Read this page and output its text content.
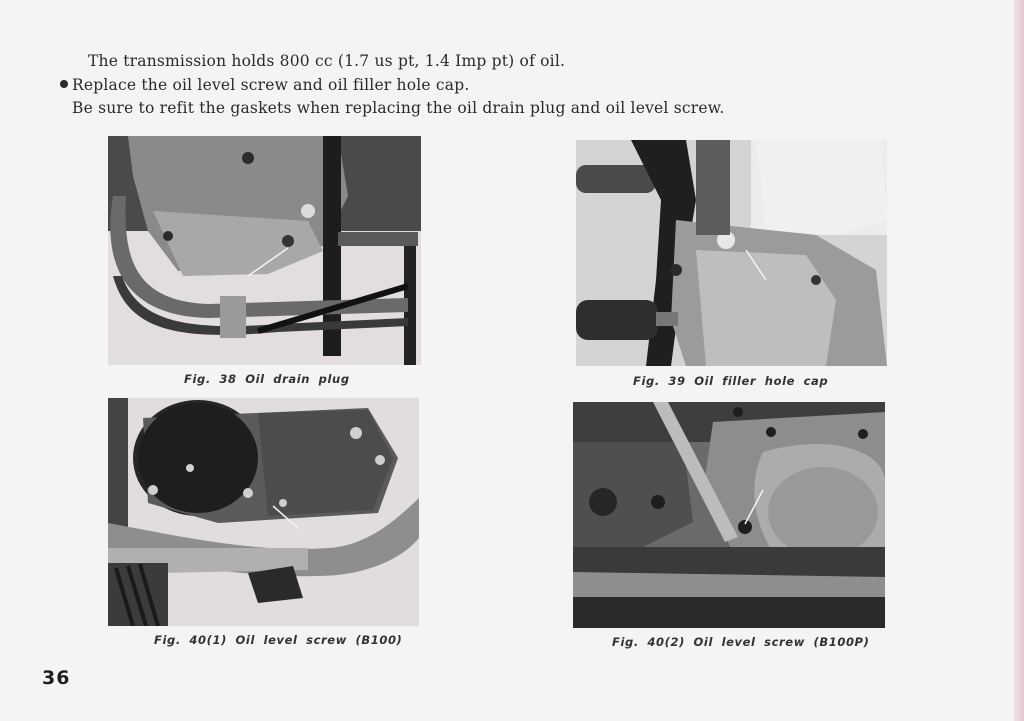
The transmission holds 800 cc (1.7 us pt, 1.4 Imp pt) of oil.
Replace the oil level screw and oil filler hole cap.
Be sure to refit the gaskets when replacing the oil drain plug and oil level screw.
Fig. 38 Oil drain plug	Fig. 39 Oil filler hole cap
Fig. 40(1) Oil level screw (B100)	Fig. 40(2) Oil level screw (B100P)
36
